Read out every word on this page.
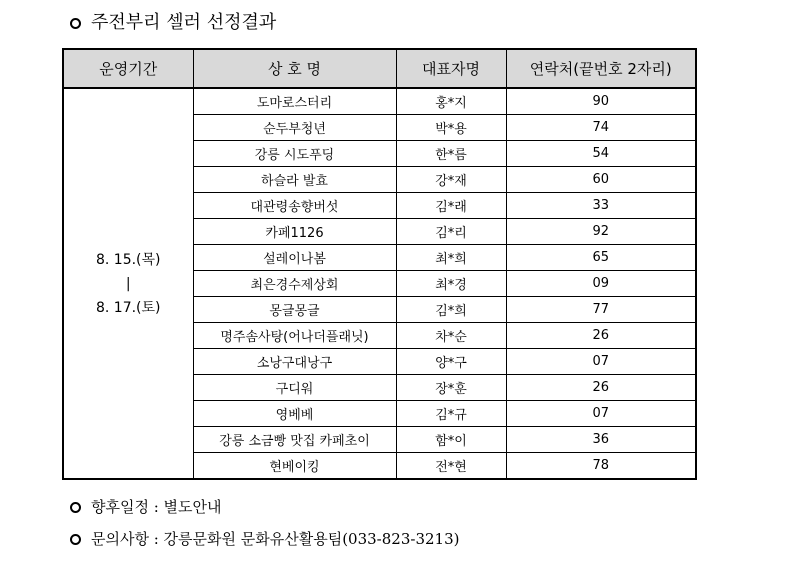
주전부리 셀러 선정결과
운영기간	상 호 명	대표자명	연락처(끝번호 2자리)

8. 15.(목)
|
8. 17.(토)	도마로스터리	홍*지	90
	순두부청년	박*용	74
	강릉 시도푸딩	한*름	54
	하슬라 발효	강*재	60
	대관령송향버섯	김*래	33
	카페1126	김*리	92
	설레이나봄	최*희	65
	최은경수제상회	최*경	09
	몽글몽글	김*희	77
	명주솜사탕(어나더플래닛)	차*순	26
	소낭구대낭구	양*구	07
	구디워	장*훈	26
	영베베	김*규	07
	강릉 소금빵 맛집 카페초이	함*이	36
	현베이킹	전*현	78
향후일정 : 별도안내
문의사항 : 강릉문화원 문화유산활용팀(033-823-3213)
